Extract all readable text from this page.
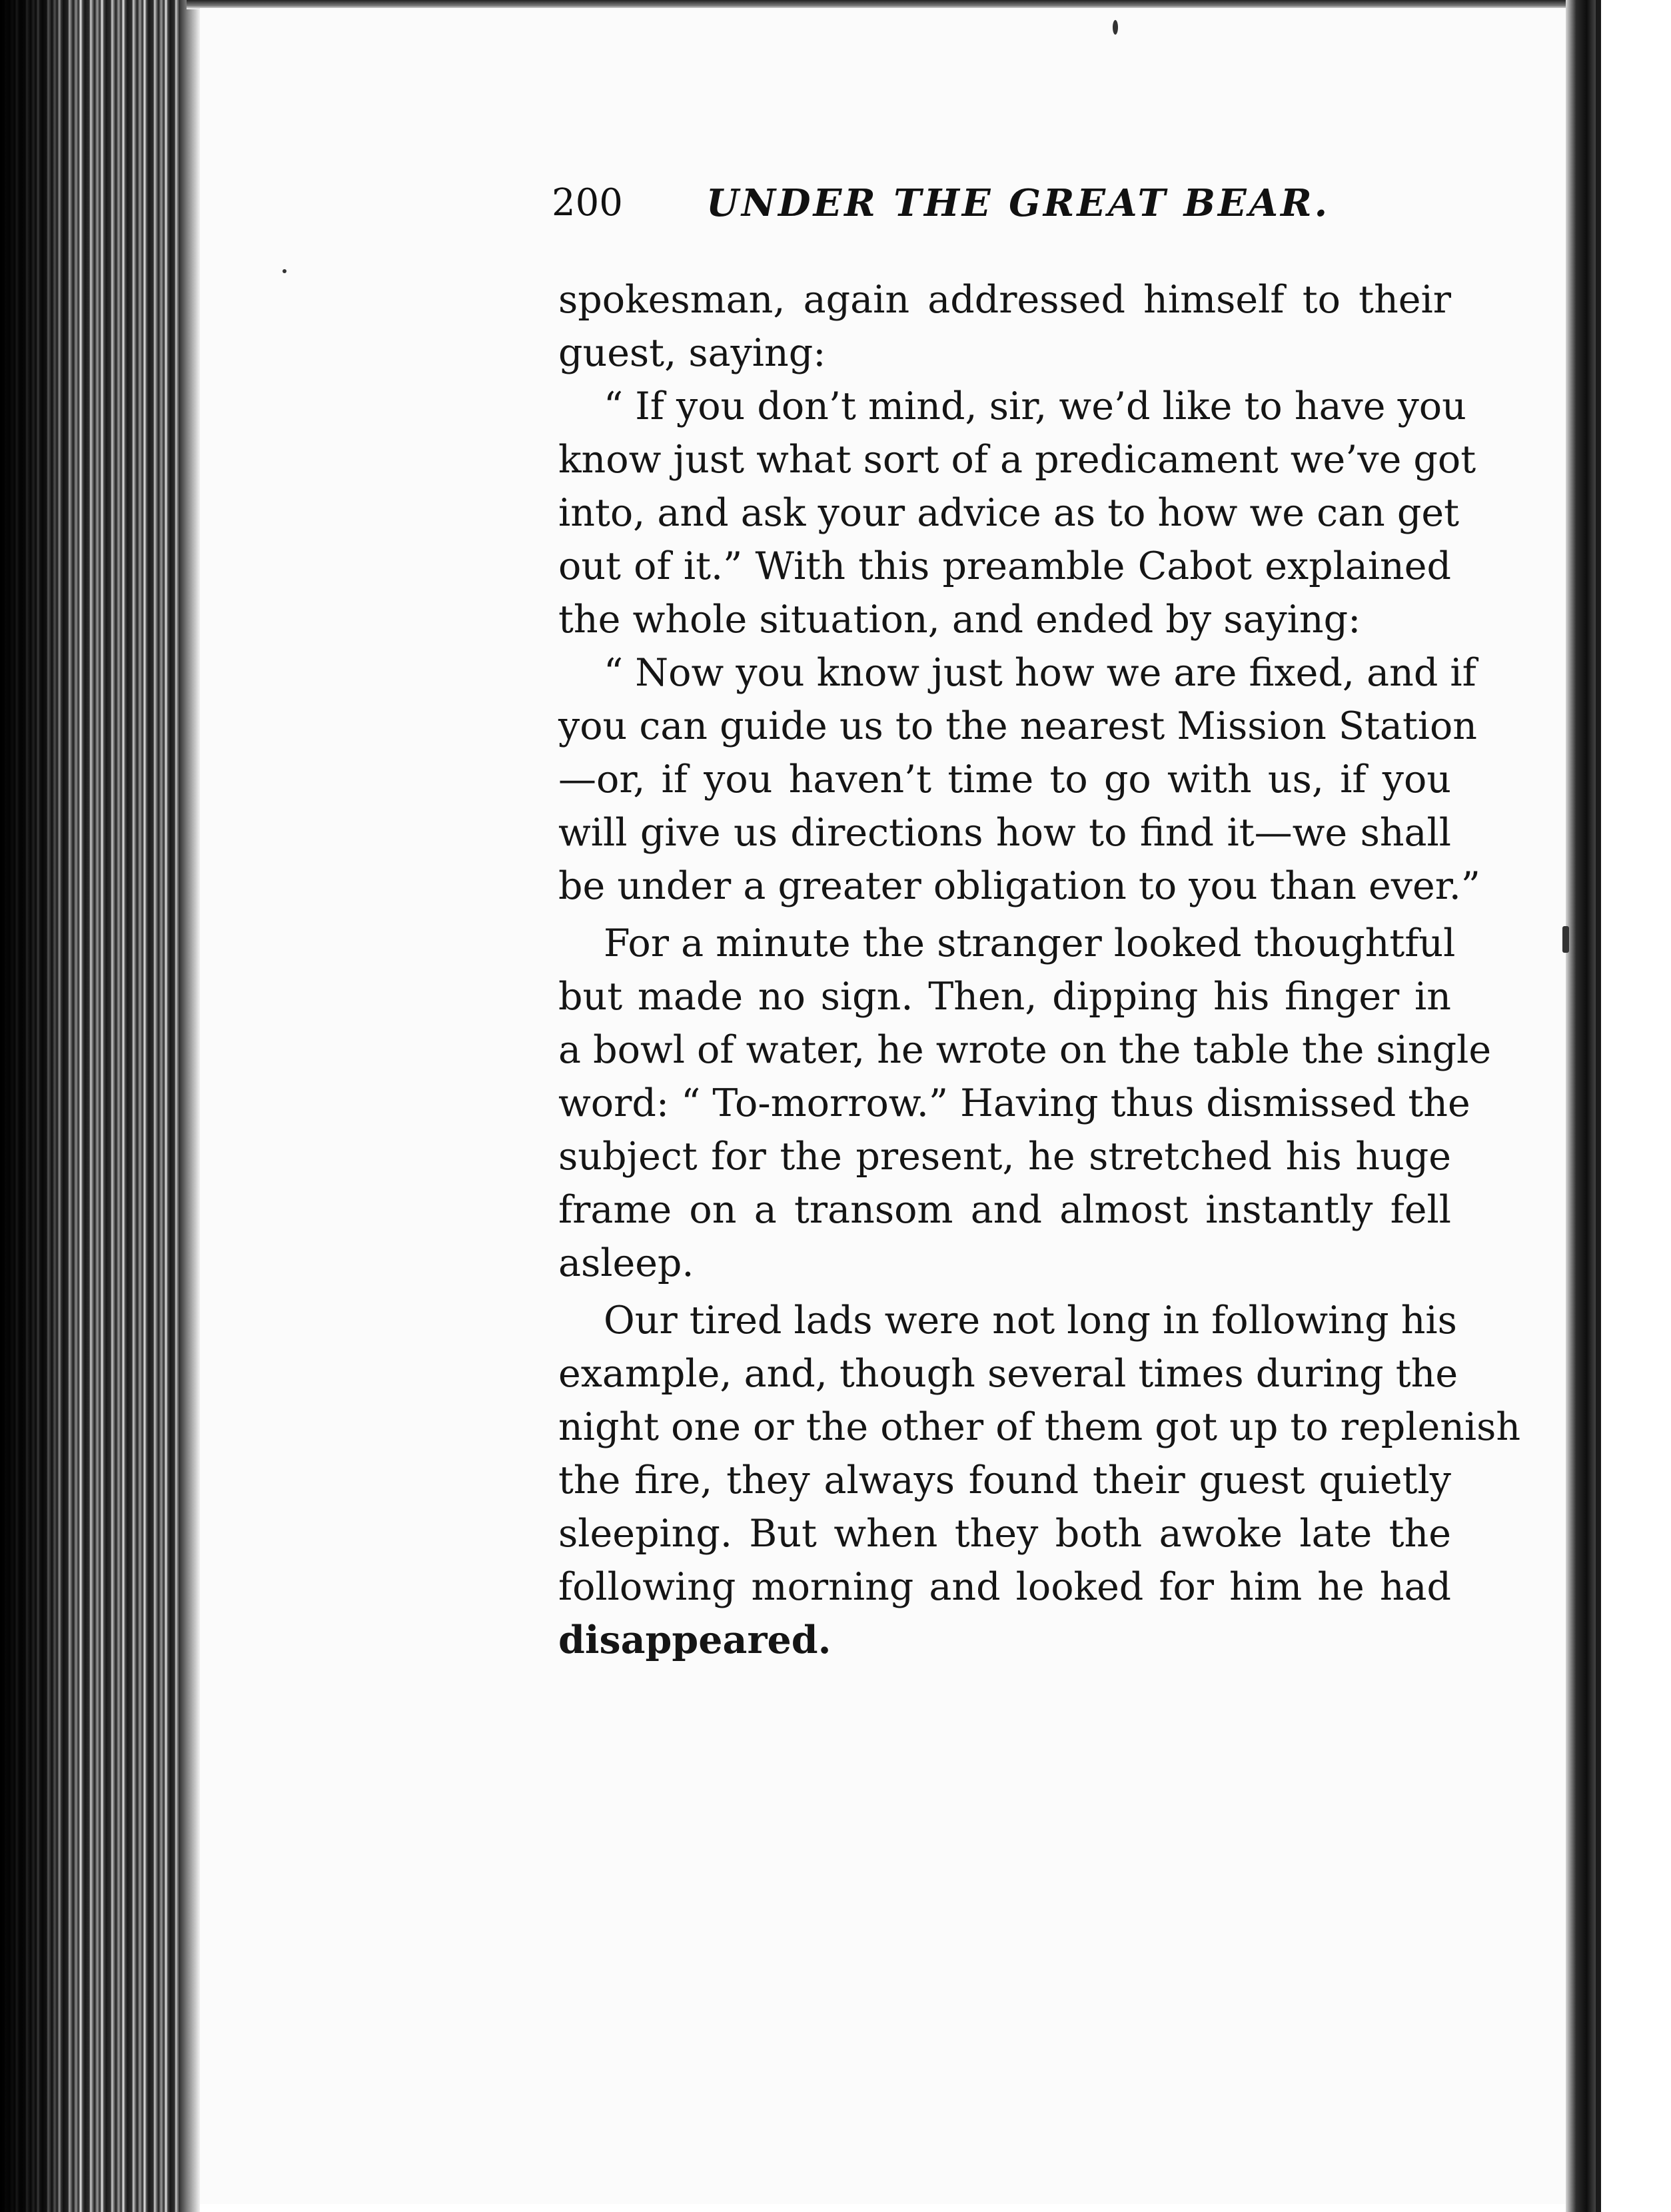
200 UNDER THE GREAT BEAR.
spokesman, again addressed himself to their
guest, saying:
“ If you don’t mind, sir, we’d like to have you
know just what sort of a predicament we’ve got
into, and ask your advice as to how we can get
out of it.” With this preamble Cabot explained
the whole situation, and ended by saying:
“ Now you know just how we are fixed, and if
you can guide us to the nearest Mission Station
—or, if you haven’t time to go with us, if you
will give us directions how to find it—we shall
be under a greater obligation to you than ever.”
For a minute the stranger looked thoughtful
but made no sign. Then, dipping his finger in
a bowl of water, he wrote on the table the single
word: “ To-morrow.” Having thus dismissed the
subject for the present, he stretched his huge
frame on a transom and almost instantly fell
asleep.
Our tired lads were not long in following his
example, and, though several times during the
night one or the other of them got up to replenish
the fire, they always found their guest quietly
sleeping. But when they both awoke late the
following morning and looked for him he had
disappeared.
